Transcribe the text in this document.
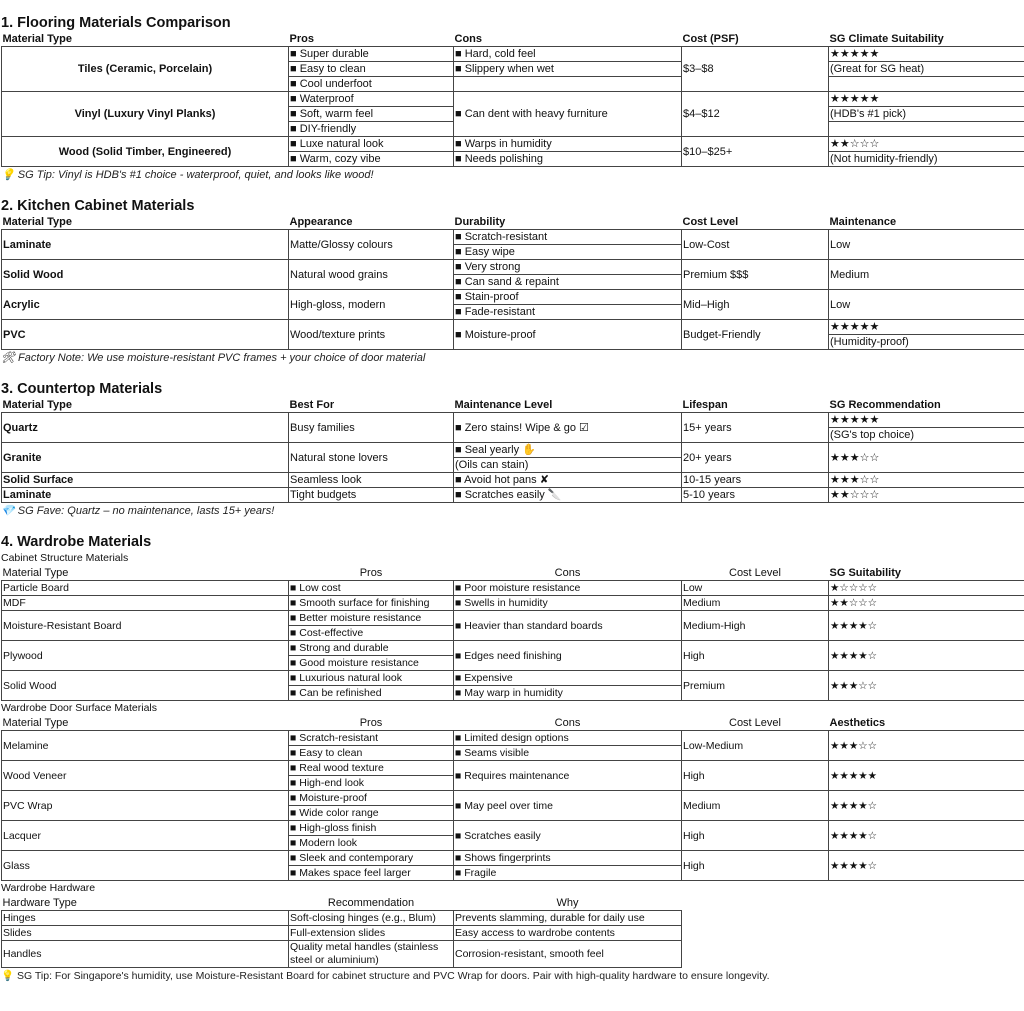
1. Flooring Materials Comparison
Material Type	Pros	Cons	Cost (PSF)	SG Climate Suitability
Tiles (Ceramic, Porcelain)	■ Super durable	■ Hard, cold feel	$3–$8	★★★★★
	■ Easy to clean	■ Slippery when wet		(Great for SG heat)
	■ Cool underfoot			
Vinyl (Luxury Vinyl Planks)	■ Waterproof	■ Can dent with heavy furniture	$4–$12	★★★★★
	■ Soft, warm feel			(HDB's #1 pick)
	■ DIY-friendly			
Wood (Solid Timber, Engineered)	■ Luxe natural look	■ Warps in humidity	$10–$25+	★★☆☆☆
	■ Warm, cozy vibe	■ Needs polishing		(Not humidity-friendly)
💡 SG Tip: Vinyl is HDB's #1 choice - waterproof, quiet, and looks like wood!
2. Kitchen Cabinet Materials
Material Type	Appearance	Durability	Cost Level	Maintenance
Laminate	Matte/Glossy colours	■ Scratch-resistant	Low-Cost	Low
		■ Easy wipe		
Solid Wood	Natural wood grains	■ Very strong	Premium $$$	Medium
		■ Can sand & repaint		
Acrylic	High-gloss, modern	■ Stain-proof	Mid–High	Low
		■ Fade-resistant		
PVC	Wood/texture prints	■ Moisture-proof	Budget-Friendly	★★★★★
				(Humidity-proof)
🛠 Factory Note: We use moisture-resistant PVC frames + your choice of door material
3. Countertop Materials
Material Type	Best For	Maintenance Level	Lifespan	SG Recommendation
Quartz	Busy families	■ Zero stains! Wipe & go ☑	15+ years	★★★★★
				(SG's top choice)
Granite	Natural stone lovers	■ Seal yearly ✋	20+ years	★★★☆☆
		(Oils can stain)		
Solid Surface	Seamless look	■ Avoid hot pans ✘	10-15 years	★★★☆☆
Laminate	Tight budgets	■ Scratches easily 🔪	5-10 years	★★☆☆☆
💎 SG Fave: Quartz – no maintenance, lasts 15+ years!
4. Wardrobe Materials
Cabinet Structure Materials
Material Type	Pros	Cons	Cost Level	SG Suitability
Particle Board	■ Low cost	■ Poor moisture resistance	Low	★☆☆☆☆
MDF	■ Smooth surface for finishing	■ Swells in humidity	Medium	★★☆☆☆
Moisture-Resistant Board	■ Better moisture resistance	■ Heavier than standard boards	Medium-High	★★★★☆
	■ Cost-effective			
Plywood	■ Strong and durable	■ Edges need finishing	High	★★★★☆
	■ Good moisture resistance			
Solid Wood	■ Luxurious natural look	■ Expensive	Premium	★★★☆☆
	■ Can be refinished	■ May warp in humidity		
Wardrobe Door Surface Materials
Material Type	Pros	Cons	Cost Level	Aesthetics
Melamine	■ Scratch-resistant	■ Limited design options	Low-Medium	★★★☆☆
	■ Easy to clean	■ Seams visible		
Wood Veneer	■ Real wood texture	■ Requires maintenance	High	★★★★★
	■ High-end look			
PVC Wrap	■ Moisture-proof	■ May peel over time	Medium	★★★★☆
	■ Wide color range			
Lacquer	■ High-gloss finish	■ Scratches easily	High	★★★★☆
	■ Modern look			
Glass	■ Sleek and contemporary	■ Shows fingerprints	High	★★★★☆
	■ Makes space feel larger	■ Fragile		
Wardrobe Hardware
Hardware Type	Recommendation	Why
Hinges	Soft-closing hinges (e.g., Blum)	Prevents slamming, durable for daily use
Slides	Full-extension slides	Easy access to wardrobe contents
Handles	Quality metal handles (stainless steel or aluminium)	Corrosion-resistant, smooth feel

💡 SG Tip: For Singapore's humidity, use Moisture-Resistant Board for cabinet structure and PVC Wrap for doors. Pair with high-quality hardware to ensure longevity.
